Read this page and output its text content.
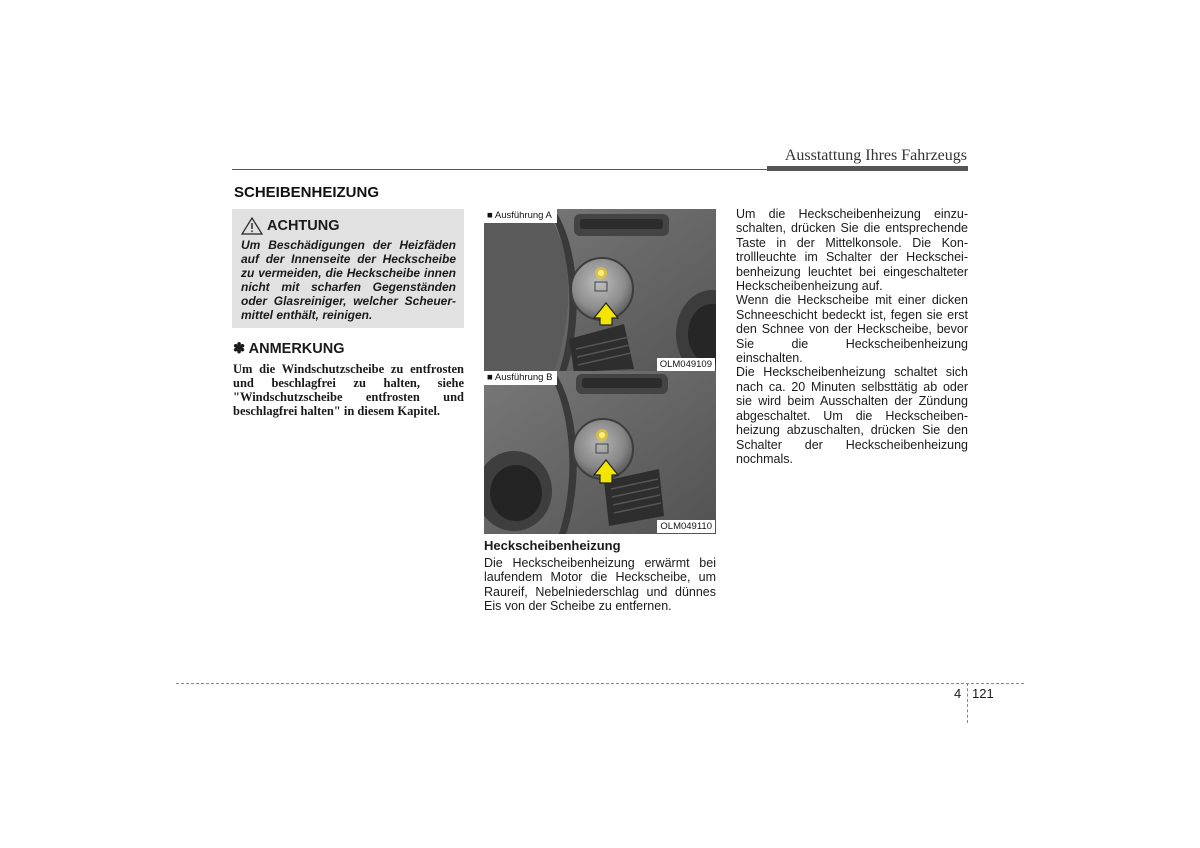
Ausstattung Ihres Fahrzeugs
SCHEIBENHEIZUNG
ACHTUNG
Um Beschädigungen der Heizfäden auf der Innenseite der Heckscheibe zu vermeiden, die Heckscheibe innen nicht mit scharfen Gegenständen oder Glasreiniger, welcher Scheuer-mittel enthält, reinigen.
✽ ANMERKUNG
Um die Windschutzscheibe zu entfrosten und beschlagfrei zu halten, siehe "Windschutzscheibe entfrosten und beschlagfrei halten" in diesem Kapitel.
■ Ausführung A
OLM049109
■ Ausführung B
OLM049110
Heckscheibenheizung
Die Heckscheibenheizung erwärmt bei laufendem Motor die Heckscheibe, um Raureif, Nebelniederschlag und dünnes Eis von der Scheibe zu entfernen.

Um die Heckscheibenheizung einzu-schalten, drücken Sie die entsprechende Taste in der Mittelkonsole. Die Kon-trollleuchte im Schalter der Heckschei-benheizung leuchtet bei eingeschalteter Heckscheibenheizung auf.

Wenn die Heckscheibe mit einer dicken Schneeschicht bedeckt ist, fegen sie erst den Schnee von der Heckscheibe, bevor Sie die Heckscheibenheizung einschalten.

Die Heckscheibenheizung schaltet sich nach ca. 20 Minuten selbsttätig ab oder sie wird beim Ausschalten der Zündung abgeschaltet. Um die Heckscheiben-heizung abzuschalten, drücken Sie den Schalter der Heckscheibenheizung nochmals.

4 121
